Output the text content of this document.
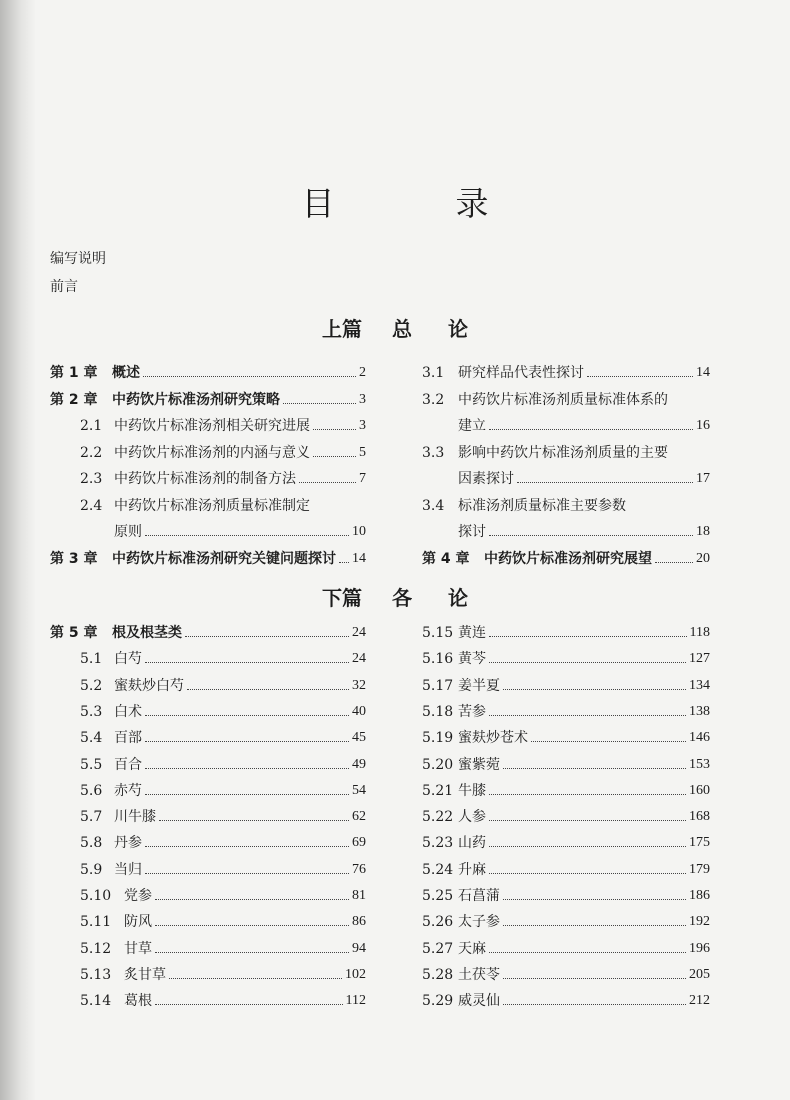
目　录
编写说明
前言
上篇 总 论
第 1 章	概述	2
第 2 章	中药饮片标准汤剂研究策略	3
2.1 中药饮片标准汤剂相关研究进展	3
2.2 中药饮片标准汤剂的内涵与意义	5
2.3 中药饮片标准汤剂的制备方法	7
2.4 中药饮片标准汤剂质量标准制定
原则	10
第 3 章	中药饮片标准汤剂研究关键问题探讨 14
3.1 研究样品代表性探讨	14
3.2 中药饮片标准汤剂质量标准体系的
建立	16
3.3 影响中药饮片标准汤剂质量的主要
因素探讨	17
3.4 标准汤剂质量标准主要参数
探讨	18
第 4 章	中药饮片标准汤剂研究展望	20
下篇 各 论
第 5 章	根及根茎类	24
5.1 白芍	24
5.2 蜜麸炒白芍	32
5.3 白术	40
5.4 百部	45
5.5 百合	49
5.6 赤芍	54
5.7 川牛膝	62
5.8 丹参	69
5.9 当归	76
5.10 党参	81
5.11 防风	86
5.12 甘草	94
5.13 炙甘草	102
5.14 葛根	112
5.15 黄连	118
5.16 黄芩	127
5.17 姜半夏	134
5.18 苦参	138
5.19 蜜麸炒苍术	146
5.20 蜜紫菀	153
5.21 牛膝	160
5.22 人参	168
5.23 山药	175
5.24 升麻	179
5.25 石菖蒲	186
5.26 太子参	192
5.27 天麻	196
5.28 土茯苓	205
5.29 威灵仙	212
